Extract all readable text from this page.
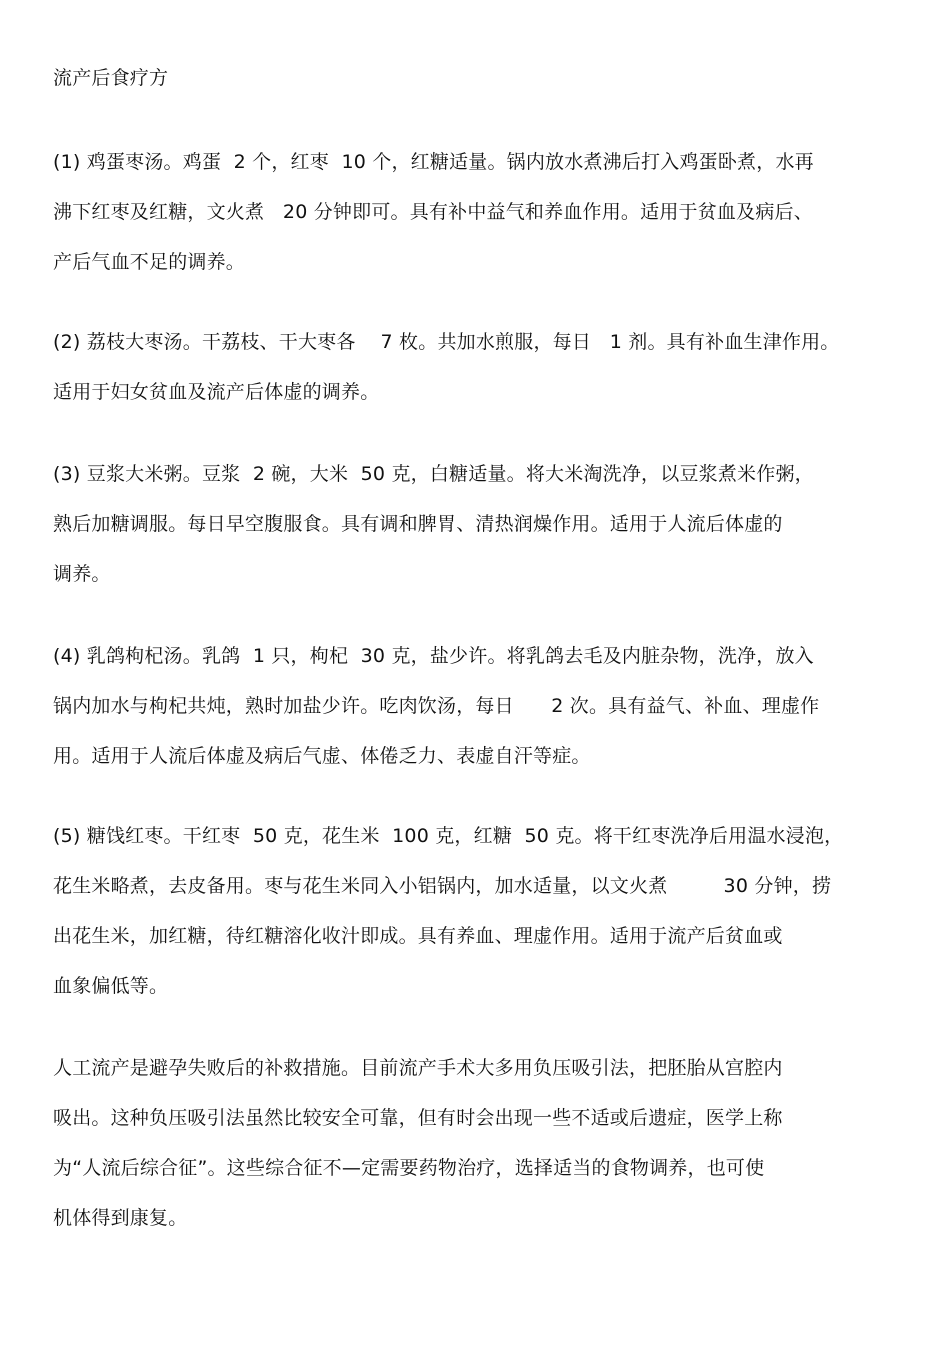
流产后食疗方
(1) 鸡蛋枣汤。鸡蛋  2 个，红枣  10 个，红糖适量。锅内放水煮沸后打入鸡蛋卧煮，水再
沸下红枣及红糖，文火煮   20 分钟即可。具有补中益气和养血作用。适用于贫血及病后、
产后气血不足的调养。
(2) 荔枝大枣汤。干荔枝、干大枣各    7 枚。共加水煎服，每日   1 剂。具有补血生津作用。
适用于妇女贫血及流产后体虚的调养。
(3) 豆浆大米粥。豆浆  2 碗，大米  50 克，白糖适量。将大米淘洗净，以豆浆煮米作粥，
熟后加糖调服。每日早空腹服食。具有调和脾胃、清热润燥作用。适用于人流后体虚的
调养。
(4) 乳鸽枸杞汤。乳鸽  1 只，枸杞  30 克，盐少许。将乳鸽去毛及内脏杂物，洗净，放入
锅内加水与枸杞共炖，熟时加盐少许。吃肉饮汤，每日      2 次。具有益气、补血、理虚作
用。适用于人流后体虚及病后气虚、体倦乏力、表虚自汗等症。
(5) 糖饯红枣。干红枣  50 克，花生米  100 克，红糖  50 克。将干红枣洗净后用温水浸泡，
花生米略煮，去皮备用。枣与花生米同入小铝锅内，加水适量，以文火煮         30 分钟，捞
出花生米，加红糖，待红糖溶化收汁即成。具有养血、理虚作用。适用于流产后贫血或
血象偏低等。
人工流产是避孕失败后的补救措施。目前流产手术大多用负压吸引法，把胚胎从宫腔内
吸出。这种负压吸引法虽然比较安全可靠，但有时会出现一些不适或后遗症，医学上称
为“人流后综合征”。这些综合征不—定需要药物治疗，选择适当的食物调养，也可使
机体得到康复。
